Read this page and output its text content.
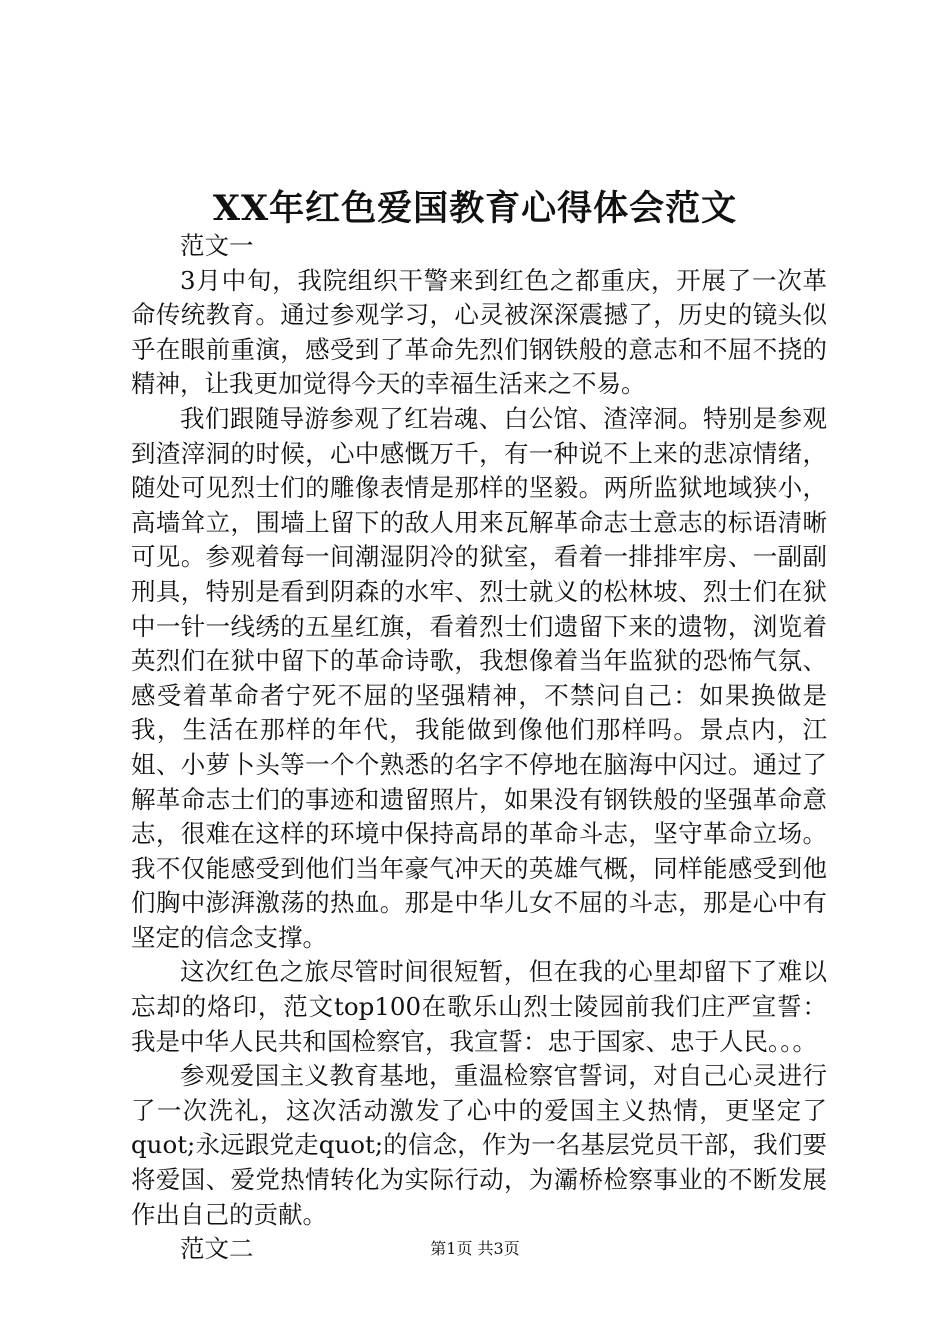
XX年红色爱国教育心得体会范文

范文一

3月中旬，我院组织干警来到红色之都重庆，开展了一次革命传统教育。通过参观学习，心灵被深深震撼了，历史的镜头似乎在眼前重演，感受到了革命先烈们钢铁般的意志和不屈不挠的精神，让我更加觉得今天的幸福生活来之不易。

我们跟随导游参观了红岩魂、白公馆、渣滓洞。特别是参观到渣滓洞的时候，心中感慨万千，有一种说不上来的悲凉情绪，随处可见烈士们的雕像表情是那样的坚毅。两所监狱地域狭小，高墙耸立，围墙上留下的敌人用来瓦解革命志士意志的标语清晰可见。参观着每一间潮湿阴冷的狱室，看着一排排牢房、一副副刑具，特别是看到阴森的水牢、烈士就义的松林坡、烈士们在狱中一针一线绣的五星红旗，看着烈士们遗留下来的遗物，浏览着英烈们在狱中留下的革命诗歌，我想像着当年监狱的恐怖气氛、感受着革命者宁死不屈的坚强精神，不禁问自己：如果换做是我，生活在那样的年代，我能做到像他们那样吗。景点内，江姐、小萝卜头等一个个熟悉的名字不停地在脑海中闪过。通过了解革命志士们的事迹和遗留照片，如果没有钢铁般的坚强革命意志，很难在这样的环境中保持高昂的革命斗志，坚守革命立场。我不仅能感受到他们当年豪气冲天的英雄气概，同样能感受到他们胸中澎湃激荡的热血。那是中华儿女不屈的斗志，那是心中有坚定的信念支撑。

这次红色之旅尽管时间很短暂，但在我的心里却留下了难以忘却的烙印，范文top100在歌乐山烈士陵园前我们庄严宣誓：我是中华人民共和国检察官，我宣誓：忠于国家、忠于人民。。。

参观爱国主义教育基地，重温检察官誓词，对自己心灵进行了一次洗礼，这次活动激发了心中的爱国主义热情，更坚定了quot;永远跟党走quot;的信念，作为一名基层党员干部，我们要将爱国、爱党热情转化为实际行动，为灞桥检察事业的不断发展作出自己的贡献。

范文二	第1页 共3页
